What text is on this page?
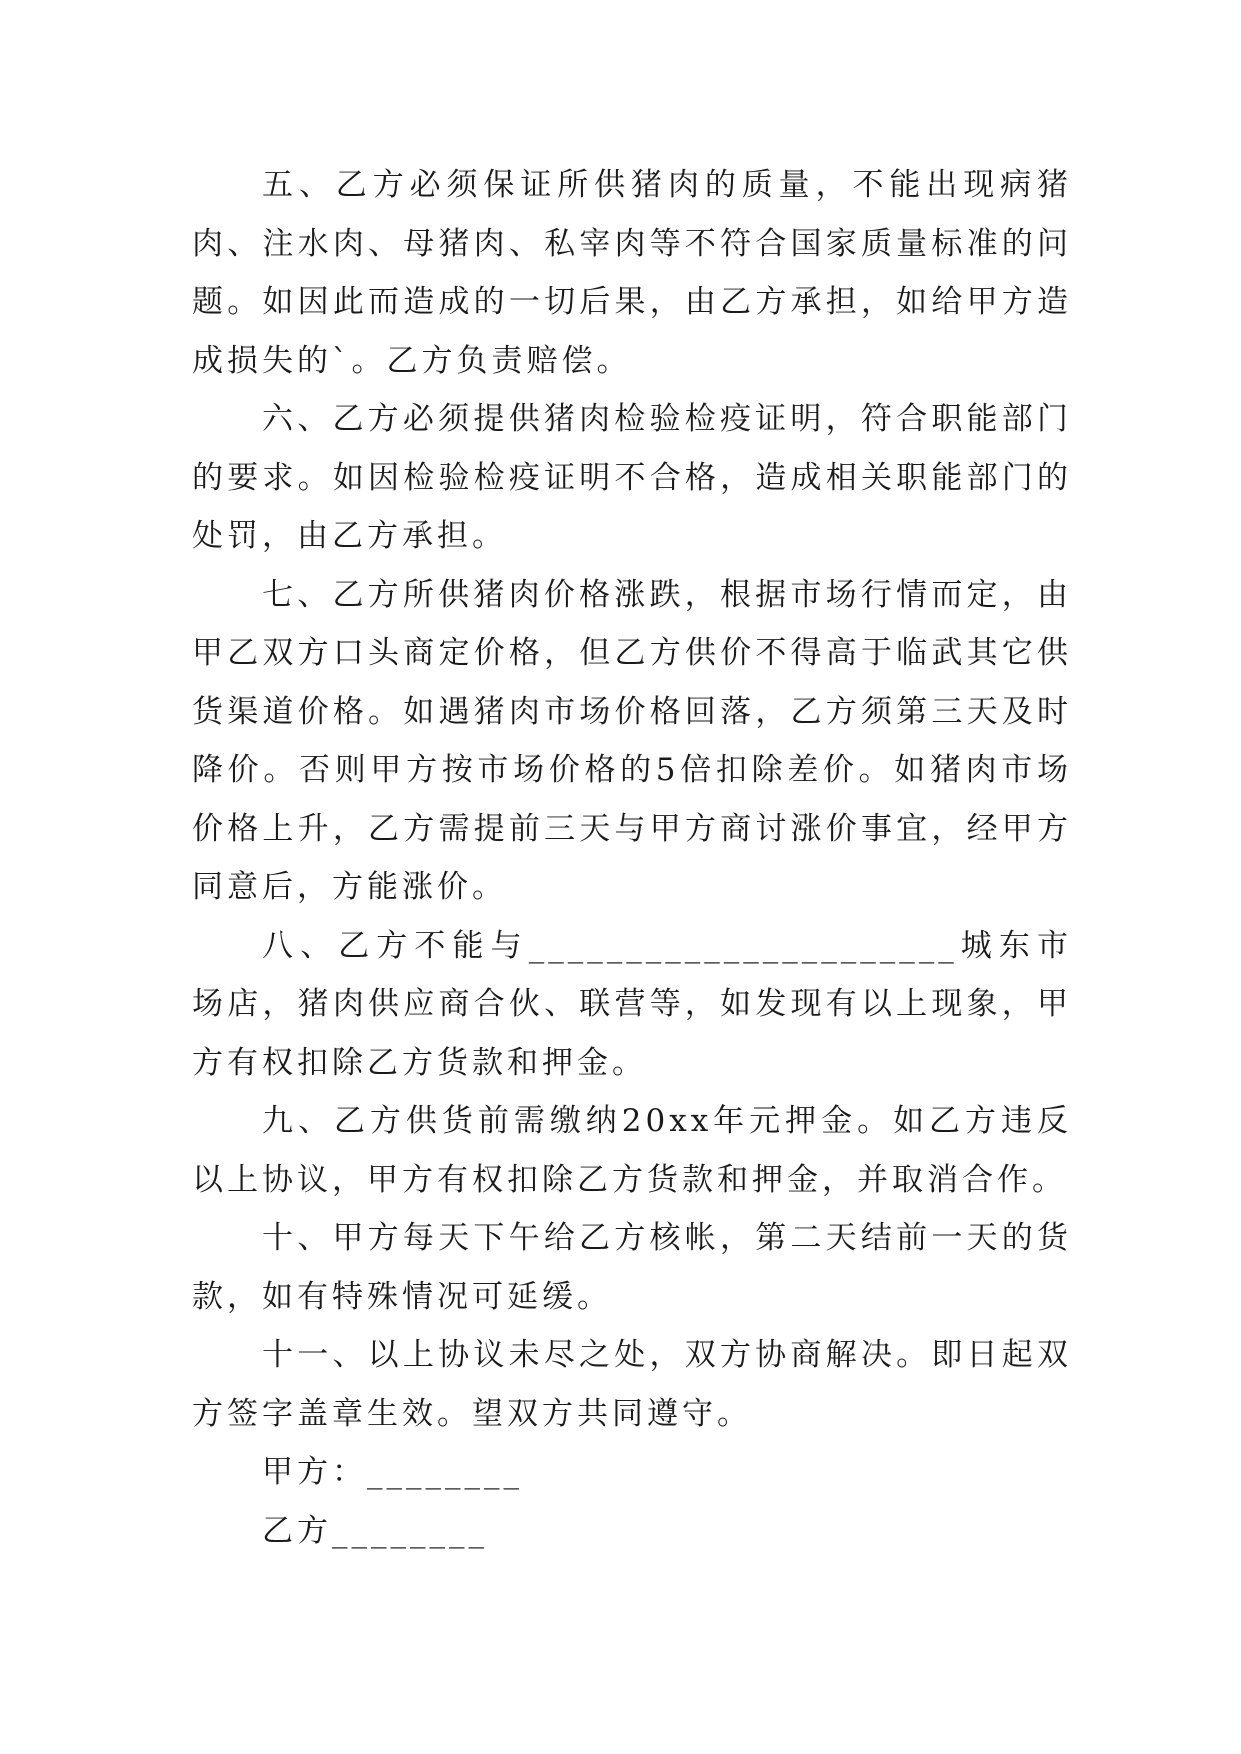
五、乙方必须保证所供猪肉的质量，不能出现病猪肉、注水肉、母猪肉、私宰肉等不符合国家质量标准的问题。如因此而造成的一切后果，由乙方承担，如给甲方造成损失的`。乙方负责赔偿。

六、乙方必须提供猪肉检验检疫证明，符合职能部门的要求。如因检验检疫证明不合格，造成相关职能部门的处罚，由乙方承担。

七、乙方所供猪肉价格涨跌，根据市场行情而定，由甲乙双方口头商定价格，但乙方供价不得高于临武其它供货渠道价格。如遇猪肉市场价格回落，乙方须第三天及时降价。否则甲方按市场价格的5倍扣除差价。如猪肉市场价格上升，乙方需提前三天与甲方商讨涨价事宜，经甲方同意后，方能涨价。

八、乙方不能与______________________城东市场店，猪肉供应商合伙、联营等，如发现有以上现象，甲方有权扣除乙方货款和押金。

九、乙方供货前需缴纳20xx年元押金。如乙方违反以上协议，甲方有权扣除乙方货款和押金，并取消合作。

十、甲方每天下午给乙方核帐，第二天结前一天的货款，如有特殊情况可延缓。

十一、以上协议未尽之处，双方协商解决。即日起双方签字盖章生效。望双方共同遵守。

甲方：________

乙方________
